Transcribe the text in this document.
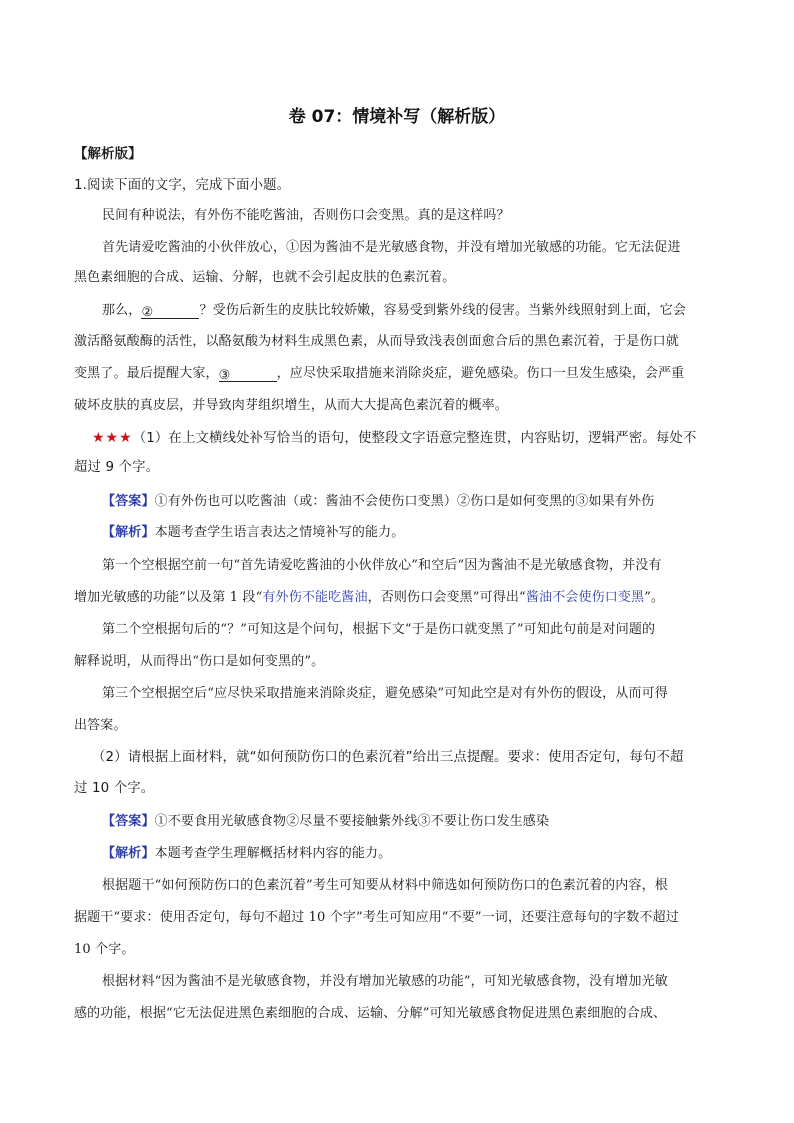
卷 07：情境补写（解析版）
【解析版】
1.阅读下面的文字，完成下面小题。
民间有种说法，有外伤不能吃酱油，否则伤口会变黑。真的是这样吗？
首先请爱吃酱油的小伙伴放心，①因为酱油不是光敏感食物，并没有增加光敏感的功能。它无法促进
黑色素细胞的合成、运输、分解，也就不会引起皮肤的色素沉着。
那么，②	？受伤后新生的皮肤比较娇嫩，容易受到紫外线的侵害。当紫外线照射到上面，它会
激活酪氨酸酶的活性，以酪氨酸为材料生成黑色素，从而导致浅表创面愈合后的黑色素沉着，于是伤口就
变黑了。最后提醒大家，③	，应尽快采取措施来消除炎症，避免感染。伤口一旦发生感染，会严重
破坏皮肤的真皮层，并导致肉芽组织增生，从而大大提高色素沉着的概率。
★★★（1）在上文横线处补写恰当的语句，使整段文字语意完整连贯，内容贴切，逻辑严密。每处不
超过 9 个字。
【答案】①有外伤也可以吃酱油（或：酱油不会使伤口变黑）②伤口是如何变黑的③如果有外伤
【解析】本题考查学生语言表达之情境补写的能力。
第一个空根据空前一句“首先请爱吃酱油的小伙伴放心”和空后“因为酱油不是光敏感食物，并没有
增加光敏感的功能”以及第 1 段“有外伤不能吃酱油，否则伤口会变黑”可得出“酱油不会使伤口变黑”。
第二个空根据句后的“？”可知这是个问句，根据下文“于是伤口就变黑了”可知此句前是对问题的
解释说明，从而得出“伤口是如何变黑的”。
第三个空根据空后“应尽快采取措施来消除炎症，避免感染”可知此空是对有外伤的假设，从而可得
出答案。
（2）请根据上面材料，就“如何预防伤口的色素沉着”给出三点提醒。要求：使用否定句，每句不超
过 10 个字。
【答案】①不要食用光敏感食物②尽量不要接触紫外线③不要让伤口发生感染
【解析】本题考查学生理解概括材料内容的能力。
根据题干“如何预防伤口的色素沉着”考生可知要从材料中筛选如何预防伤口的色素沉着的内容，根
据题干“要求：使用否定句，每句不超过 10 个字”考生可知应用“不要”一词，还要注意每句的字数不超过
10 个字。
根据材料“因为酱油不是光敏感食物，并没有增加光敏感的功能”，可知光敏感食物，没有增加光敏
感的功能，根据“它无法促进黑色素细胞的合成、运输、分解”可知光敏感食物促进黑色素细胞的合成、
